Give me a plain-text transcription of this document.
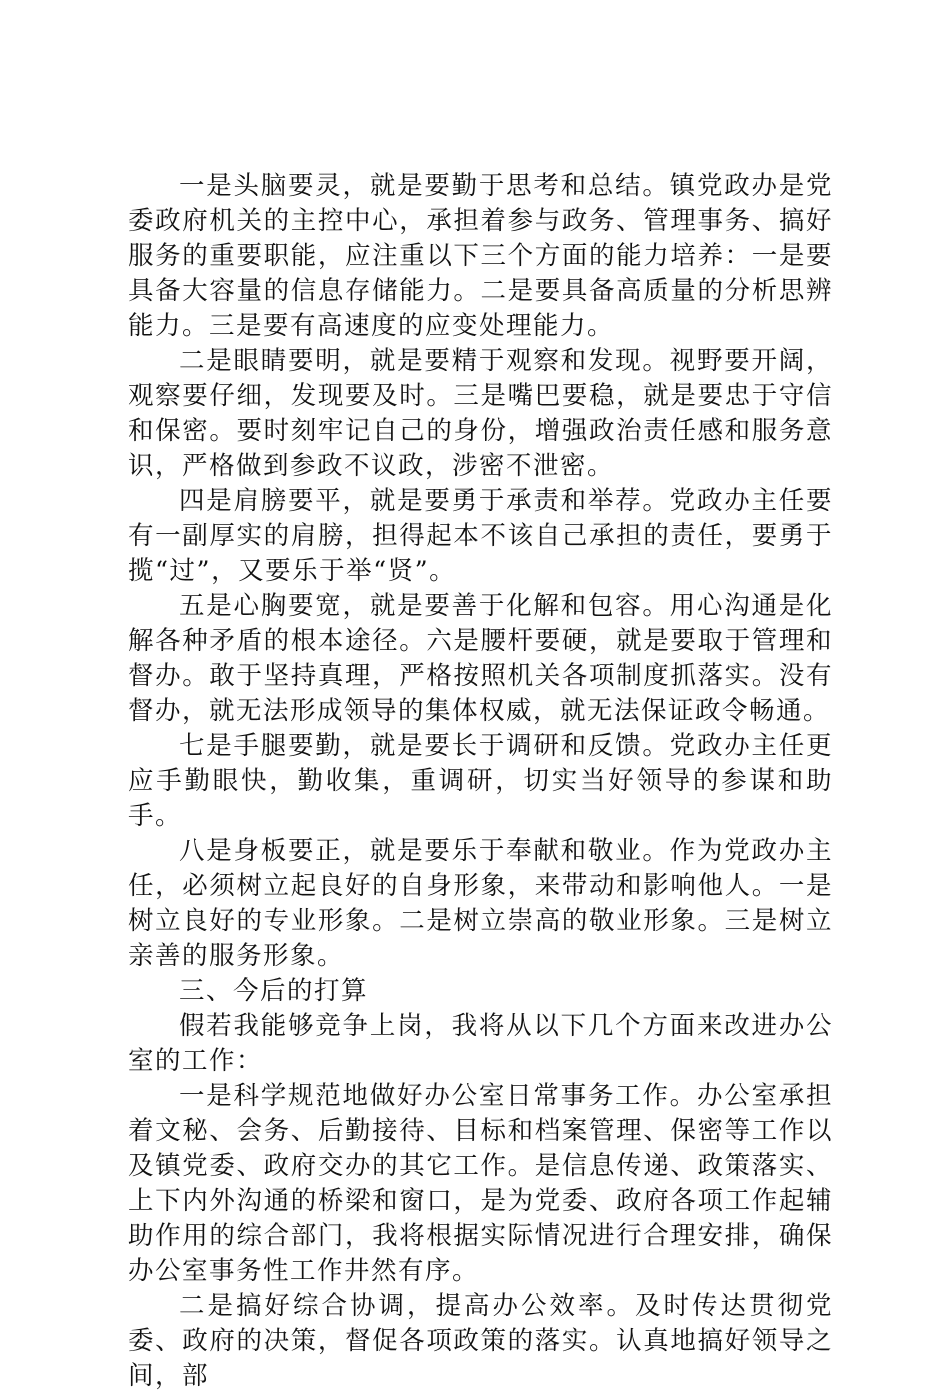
一是头脑要灵，就是要勤于思考和总结。镇党政办是党委政府机关的主控中心，承担着参与政务、管理事务、搞好服务的重要职能，应注重以下三个方面的能力培养：一是要具备大容量的信息存储能力。二是要具备高质量的分析思辨能力。三是要有高速度的应变处理能力。

二是眼睛要明，就是要精于观察和发现。视野要开阔，观察要仔细，发现要及时。三是嘴巴要稳，就是要忠于守信和保密。要时刻牢记自己的身份，增强政治责任感和服务意识，严格做到参政不议政，涉密不泄密。

四是肩膀要平，就是要勇于承责和举荐。党政办主任要有一副厚实的肩膀，担得起本不该自己承担的责任，要勇于揽“过”，又要乐于举“贤”。

五是心胸要宽，就是要善于化解和包容。用心沟通是化解各种矛盾的根本途径。六是腰杆要硬，就是要取于管理和督办。敢于坚持真理，严格按照机关各项制度抓落实。没有督办，就无法形成领导的集体权威，就无法保证政令畅通。

七是手腿要勤，就是要长于调研和反馈。党政办主任更应手勤眼快，勤收集，重调研，切实当好领导的参谋和助手。

八是身板要正，就是要乐于奉献和敬业。作为党政办主任，必须树立起良好的自身形象，来带动和影响他人。一是树立良好的专业形象。二是树立崇高的敬业形象。三是树立亲善的服务形象。

三、今后的打算

假若我能够竞争上岗，我将从以下几个方面来改进办公室的工作：

一是科学规范地做好办公室日常事务工作。办公室承担着文秘、会务、后勤接待、目标和档案管理、保密等工作以及镇党委、政府交办的其它工作。是信息传递、政策落实、上下内外沟通的桥梁和窗口，是为党委、政府各项工作起辅助作用的综合部门，我将根据实际情况进行合理安排，确保办公室事务性工作井然有序。

二是搞好综合协调，提高办公效率。及时传达贯彻党委、政府的决策，督促各项政策的落实。认真地搞好领导之间，部
